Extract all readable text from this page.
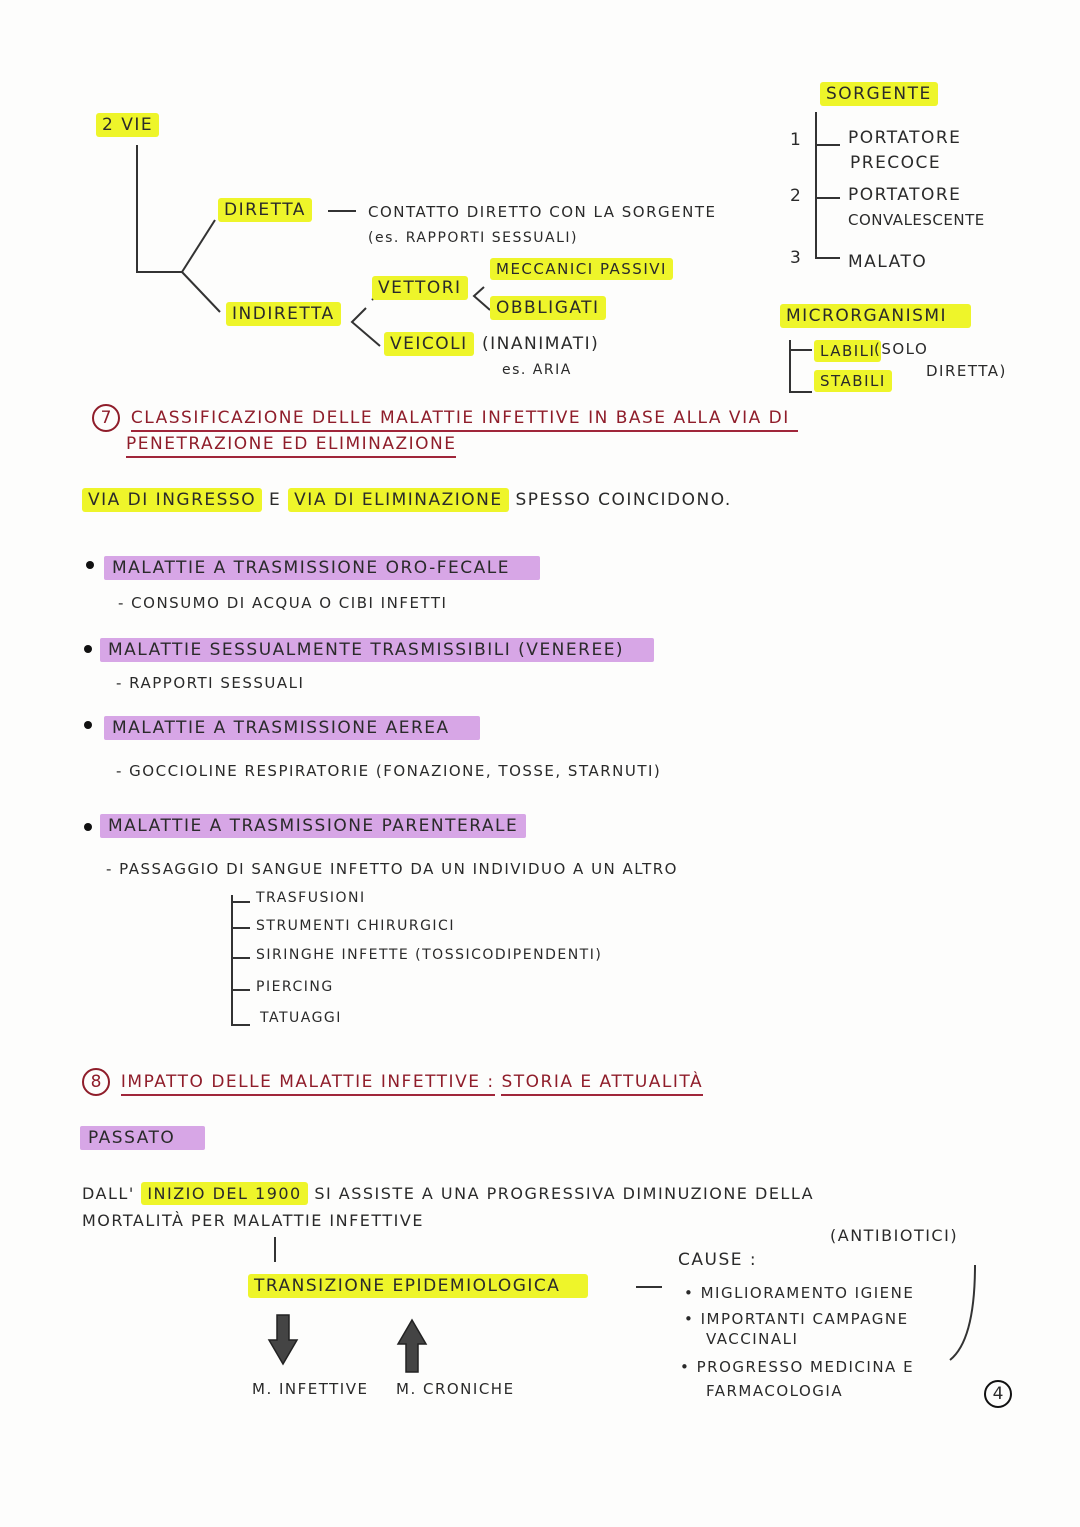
2 VIE
DIRETTA	CONTATTO DIRETTO CON LA SORGENTE
(es. RAPPORTI SESSUALI)
INDIRETTA
VETTORI
MECCANICI PASSIVI
OBBLIGATI
VEICOLI (INANIMATI)
es. ARIA
SORGENTE
1	PORTATORE
PRECOCE
2	PORTATORE
CONVALESCENTE
3	MALATO
MICRORGANISMI
LABILI
(SOLO
DIRETTA)
STABILI
7 CLASSIFICAZIONE DELLE MALATTIE INFETTIVE IN BASE ALLA VIA DI
PENETRAZIONE ED ELIMINAZIONE
VIA DI INGRESSO E VIA DI ELIMINAZIONE SPESSO COINCIDONO.
MALATTIE A TRASMISSIONE ORO-FECALE
- CONSUMO DI ACQUA O CIBI INFETTI
MALATTIE SESSUALMENTE TRASMISSIBILI (VENEREE)
- RAPPORTI SESSUALI
MALATTIE A TRASMISSIONE AEREA
- GOCCIOLINE RESPIRATORIE (FONAZIONE, TOSSE, STARNUTI)
MALATTIE A TRASMISSIONE PARENTERALE
- PASSAGGIO DI SANGUE INFETTO DA UN INDIVIDUO A UN ALTRO
TRASFUSIONI
STRUMENTI CHIRURGICI
SIRINGHE INFETTE (TOSSICODIPENDENTI)
PIERCING
TATUAGGI
8 IMPATTO DELLE MALATTIE INFETTIVE : STORIA E ATTUALITÀ
PASSATO
DALL' INIZIO DEL 1900 SI ASSISTE A UNA PROGRESSIVA DIMINUZIONE DELLA
MORTALITÀ PER MALATTIE INFETTIVE
(ANTIBIOTICI)
TRANSIZIONE EPIDEMIOLOGICA
M. INFETTIVE M. CRONICHE
CAUSE :
• MIGLIORAMENTO IGIENE
• IMPORTANTI CAMPAGNE
VACCINALI
• PROGRESSO MEDICINA E
FARMACOLOGIA	4
